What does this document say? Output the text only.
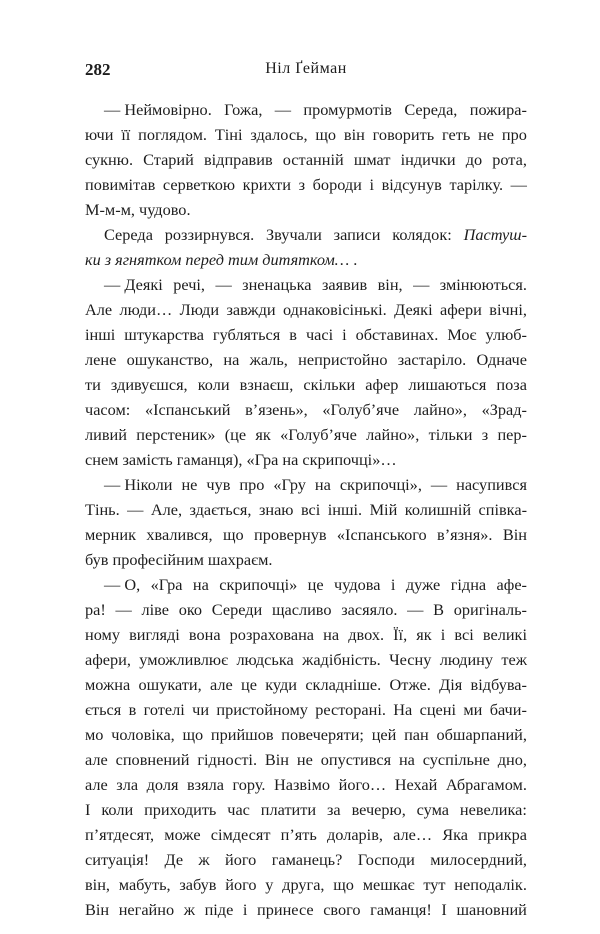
282	Ніл Ґейман
— Неймовірно. Гожа, — промурмотів Середа, пожира-
ючи її поглядом. Тіні здалось, що він говорить геть не про
сукню. Старий відправив останній шмат індички до рота,
повимітав серветкою крихти з бороди і відсунув тарілку. —
М-м-м, чудово.
Середа роззирнувся. Звучали записи колядок: Пастуш-
ки з ягнятком перед тим дитятком… .
— Деякі речі, — зненацька заявив він, — змінюються.
Але люди… Люди завжди однаковісінькі. Деякі афери вічні,
інші штукарства губляться в часі і обставинах. Моє улюб-
лене ошуканство, на жаль, непристойно застаріло. Одначе
ти здивуєшся, коли взнаєш, скільки афер лишаються поза
часом: «Іспанський в’язень», «Голуб’яче лайно», «Зрад-
ливий перстеник» (це як «Голуб’яче лайно», тільки з пер-
снем замість гаманця), «Гра на скрипочці»…
— Ніколи не чув про «Гру на скрипочці», — насупився
Тінь. — Але, здається, знаю всі інші. Мій колишній співка-
мерник хвалився, що провернув «Іспанського в’язня». Він
був професійним шахраєм.
— О, «Гра на скрипочці» це чудова і дуже гідна афе-
ра! — ліве око Середи щасливо засяяло. — В оригіналь-
ному вигляді вона розрахована на двох. Її, як і всі великі
афери, уможливлює людська жадібність. Чесну людину теж
можна ошукати, але це куди складніше. Отже. Дія відбува-
ється в готелі чи пристойному ресторані. На сцені ми бачи-
мо чоловіка, що прийшов повечеряти; цей пан обшарпаний,
але сповнений гідності. Він не опустився на суспільне дно,
але зла доля взяла гору. Назвімо його… Нехай Абрагамом.
І коли приходить час платити за вечерю, сума невелика:
п’ятдесят, може сімдесят п’ять доларів, але… Яка прикра
ситуація! Де ж його гаманець? Господи милосердний,
він, мабуть, забув його у друга, що мешкає тут неподалік.
Він негайно ж піде і принесе свого гаманця! І шановний
